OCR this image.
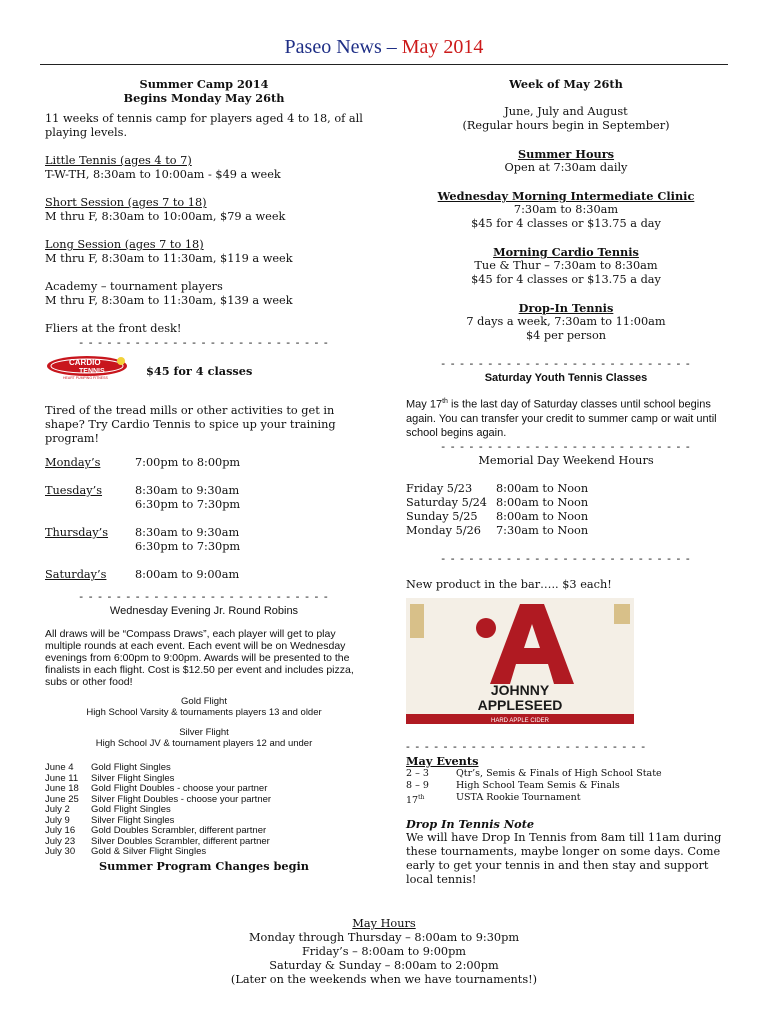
Paseo News – May 2014

Summer Camp 2014

Begins Monday May 26th

11 weeks of tennis camp for players aged 4 to 18, of all playing levels.

Little Tennis (ages 4 to 7)

T-W-TH, 8:30am to 10:00am - $49 a week

Short Session (ages 7 to 18)

M thru F, 8:30am to 10:00am, $79 a week

Long Session (ages 7 to 18)

M thru F, 8:30am to 11:30am, $119 a week

Academy – tournament players

M thru F, 8:30am to 11:30am, $139 a week

Fliers at the front desk!

- - - - - - - - - - - - - - - - - - - - - - - - - - -

CARDIO
TENNIS
HEART PUMPING FITNESS	$45 for 4 classes

Tired of the tread mills or other activities to get in shape? Try Cardio Tennis to spice up your training program!

Monday’s	7:00pm to 8:00pm
Tuesday’s	8:30am to 9:30am
6:30pm to 7:30pm
Thursday’s	8:30am to 9:30am
6:30pm to 7:30pm
Saturday’s	8:00am to 9:00am

- - - - - - - - - - - - - - - - - - - - - - - - - - -

Wednesday Evening Jr. Round Robins

All draws will be “Compass Draws”, each player will get to play multiple rounds at each event. Each event will be on Wednesday evenings from 6:00pm to 9:00pm. Awards will be presented to the finalists in each flight. Cost is $12.50 per event and includes pizza, subs or other food!

Gold Flight

High School Varsity & tournaments players 13 and older

Silver Flight

High School JV & tournament players 12 and under

June 4	Gold Flight Singles
June 11	Silver Flight Singles
June 18	Gold Flight Doubles - choose your partner
June 25	Silver Flight Doubles - choose your partner
July 2	Gold Flight Singles
July 9	Silver Flight Singles
July 16	Gold Doubles Scrambler, different partner
July 23	Silver Doubles Scrambler, different partner
July 30	Gold & Silver Flight Singles

Summer Program Changes begin

Week of May 26th

June, July and August

(Regular hours begin in September)

Summer Hours

Open at 7:30am daily

Wednesday Morning Intermediate Clinic

7:30am to 8:30am

$45 for 4 classes or $13.75 a day

Morning Cardio Tennis

Tue & Thur – 7:30am to 8:30am

$45 for 4 classes or $13.75 a day

Drop-In Tennis

7 days a week, 7:30am to 11:00am

$4 per person

- - - - - - - - - - - - - - - - - - - - - - - - - - -

Saturday Youth Tennis Classes

May 17th is the last day of Saturday classes until school begins again. You can transfer your credit to summer camp or wait until school begins again.

- - - - - - - - - - - - - - - - - - - - - - - - - - -

Memorial Day Weekend Hours

Friday 5/23	8:00am to Noon
Saturday 5/24 8:00am to Noon
Sunday 5/25	8:00am to Noon
Monday 5/26	7:30am to Noon

- - - - - - - - - - - - - - - - - - - - - - - - - - -

New product in the bar….. $3 each!

JOHNNY
APPLESEED
HARD APPLE CIDER

- - - - - - - - - - - - - - - - - - - - - - - - - -

May Events

2 – 3	Qtr’s, Semis & Finals of High School State
8 – 9	High School Team Semis & Finals
17th	USTA Rookie Tournament

Drop In Tennis Note

We will have Drop In Tennis from 8am till 11am during these tournaments, maybe longer on some days. Come early to get your tennis in and then stay and support local tennis!

May Hours

Monday through Thursday – 8:00am to 9:30pm

Friday’s – 8:00am to 9:00pm

Saturday & Sunday – 8:00am to 2:00pm

(Later on the weekends when we have tournaments!)
